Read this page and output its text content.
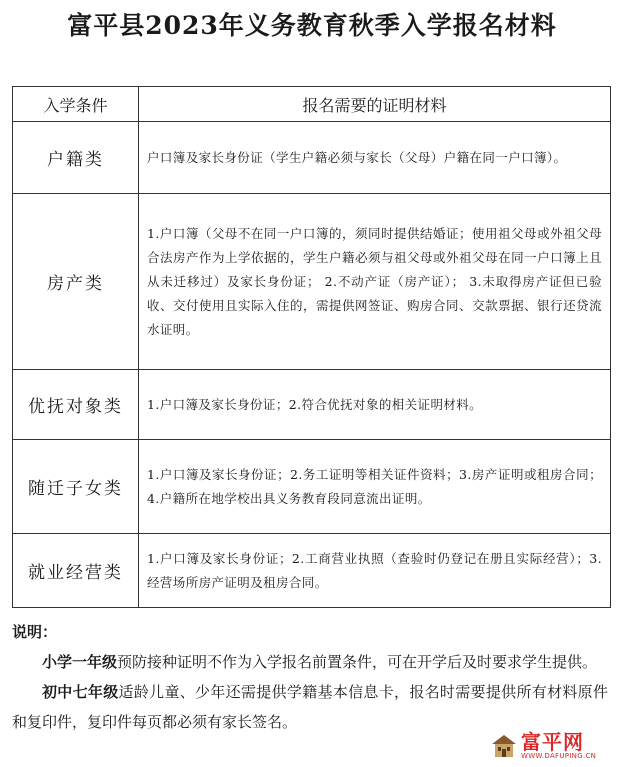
富平县2023年义务教育秋季入学报名材料
入学条件	报名需要的证明材料
户籍类	户口簿及家长身份证（学生户籍必须与家长（父母）户籍在同一户口簿）。
房产类	1.户口簿（父母不在同一户口簿的，须同时提供结婚证；使用祖父母或外祖父母合法房产作为上学依据的，学生户籍必须与祖父母或外祖父母在同一户口簿上且从未迁移过）及家长身份证； 2.不动产证（房产证）； 3.未取得房产证但已验收、交付使用且实际入住的，需提供网签证、购房合同、交款票据、银行还贷流水证明。
优抚对象类	1.户口簿及家长身份证；2.符合优抚对象的相关证明材料。
随迁子女类	1.户口簿及家长身份证；2.务工证明等相关证件资料；3.房产证明或租房合同；4.户籍所在地学校出具义务教育段同意流出证明。
就业经营类	1.户口簿及家长身份证；2.工商营业执照（查验时仍登记在册且实际经营）；3.经营场所房产证明及租房合同。
说明：

小学一年级预防接种证明不作为入学报名前置条件，可在开学后及时要求学生提供。

初中七年级适龄儿童、少年还需提供学籍基本信息卡，报名时需要提供所有材料原件和复印件，复印件每页都必须有家长签名。

富平网
WWW.DAFUPING.CN
